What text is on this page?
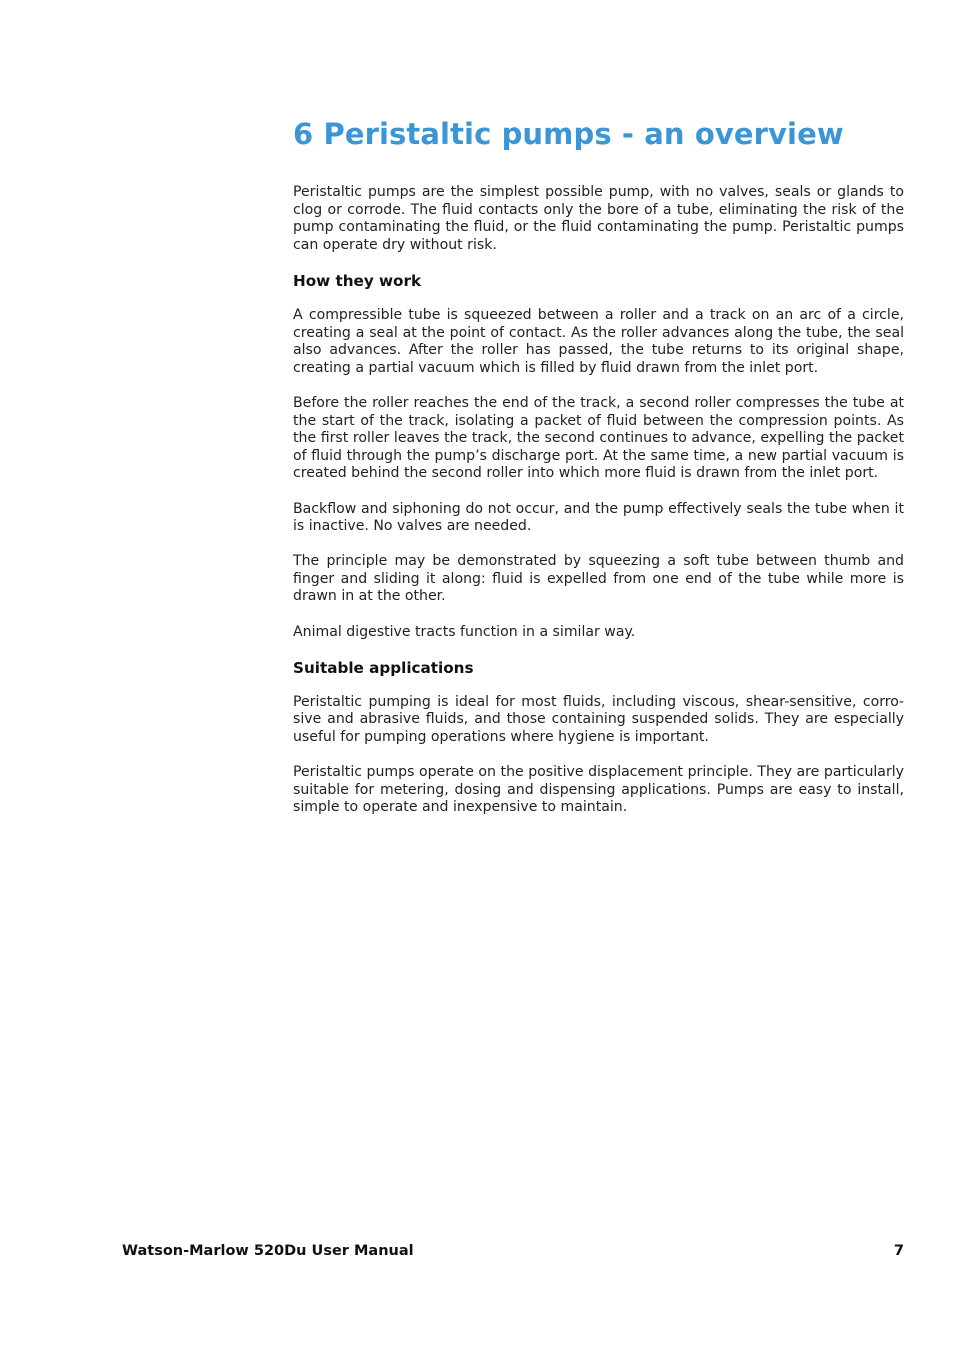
6 Peristaltic pumps - an overview

Peristaltic pumps are the simplest possible pump, with no valves, seals or glands to clog or corrode. The fluid contacts only the bore of a tube, eliminating the risk of the pump contaminating the fluid, or the fluid contaminating the pump. Peristaltic pumps can operate dry without risk.

How they work

A compressible tube is squeezed between a roller and a track on an arc of a circle, creating a seal at the point of contact. As the roller advances along the tube, the seal also advances. After the roller has passed, the tube returns to its original shape, creating a partial vacuum which is filled by fluid drawn from the inlet port.

Before the roller reaches the end of the track, a second roller compresses the tube at the start of the track, isolating a packet of fluid between the compression points. As the first roller leaves the track, the second continues to advance, expelling the packet of fluid through the pump’s discharge port. At the same time, a new partial vacuum is created behind the second roller into which more fluid is drawn from the inlet port.

Backflow and siphoning do not occur, and the pump effectively seals the tube when it is inactive. No valves are needed.

The principle may be demonstrated by squeezing a soft tube between thumb and finger and sliding it along: fluid is expelled from one end of the tube while more is drawn in at the other.

Animal digestive tracts function in a similar way.

Suitable applications

Peristaltic pumping is ideal for most fluids, including viscous, shear-sensitive, corrosive and abrasive fluids, and those containing suspended solids. They are especially useful for pumping operations where hygiene is important.

Peristaltic pumps operate on the positive displacement principle. They are particularly suitable for metering, dosing and dispensing applications. Pumps are easy to install, simple to operate and inexpensive to maintain.

Watson-Marlow 520Du User Manual	7
